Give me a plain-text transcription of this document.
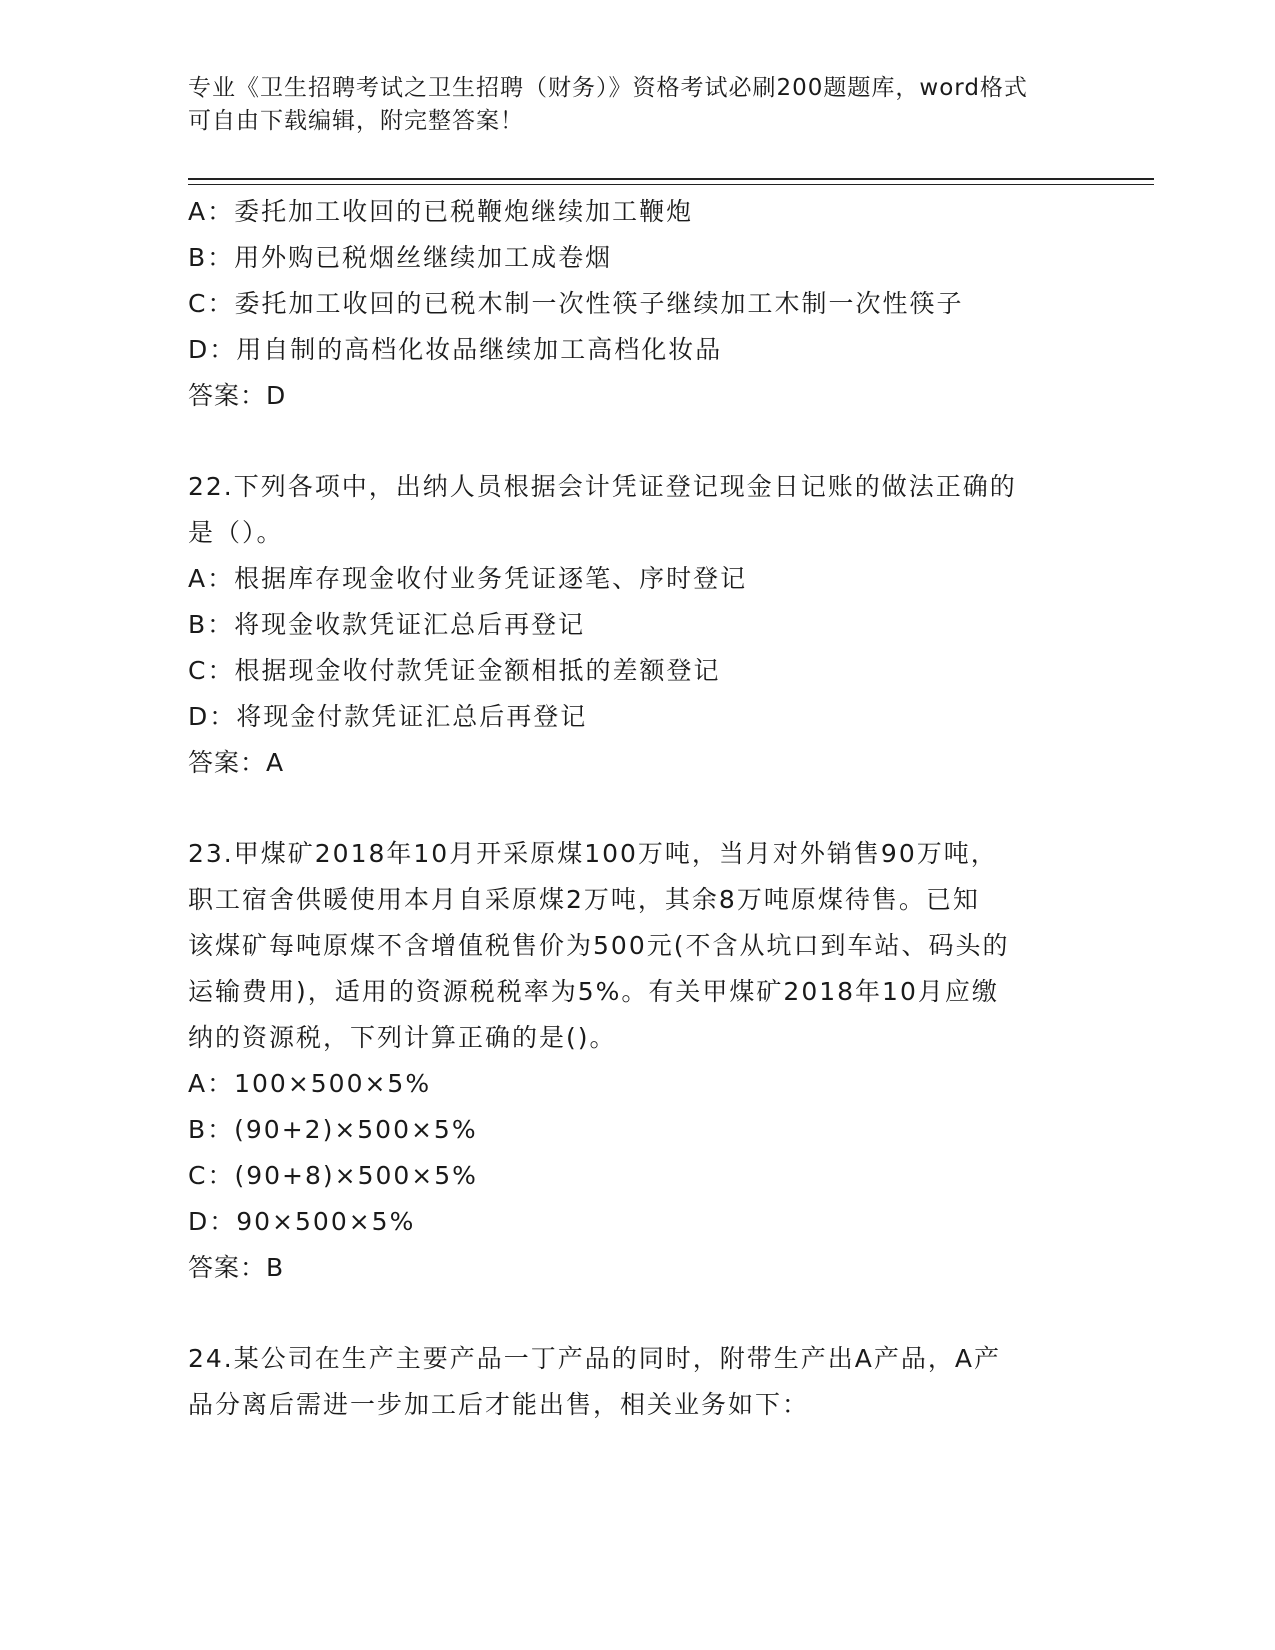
专业《卫生招聘考试之卫生招聘（财务）》资格考试必刷200题题库，word格式
可自由下载编辑，附完整答案！
A：委托加工收回的已税鞭炮继续加工鞭炮
B：用外购已税烟丝继续加工成卷烟
C：委托加工收回的已税木制一次性筷子继续加工木制一次性筷子
D：用自制的高档化妆品继续加工高档化妆品
答案：D
22.下列各项中，出纳人员根据会计凭证登记现金日记账的做法正确的
是（）。
A：根据库存现金收付业务凭证逐笔、序时登记
B：将现金收款凭证汇总后再登记
C：根据现金收付款凭证金额相抵的差额登记
D：将现金付款凭证汇总后再登记
答案：A
23.甲煤矿2018年10月开采原煤100万吨，当月对外销售90万吨，
职工宿舍供暖使用本月自采原煤2万吨，其余8万吨原煤待售。已知
该煤矿每吨原煤不含增值税售价为500元(不含从坑口到车站、码头的
运输费用)，适用的资源税税率为5%。有关甲煤矿2018年10月应缴
纳的资源税，下列计算正确的是()。
A：100×500×5%
B：(90+2)×500×5%
C：(90+8)×500×5%
D：90×500×5%
答案：B
24.某公司在生产主要产品一丁产品的同时，附带生产出A产品，A产
品分离后需进一步加工后才能出售，相关业务如下：
